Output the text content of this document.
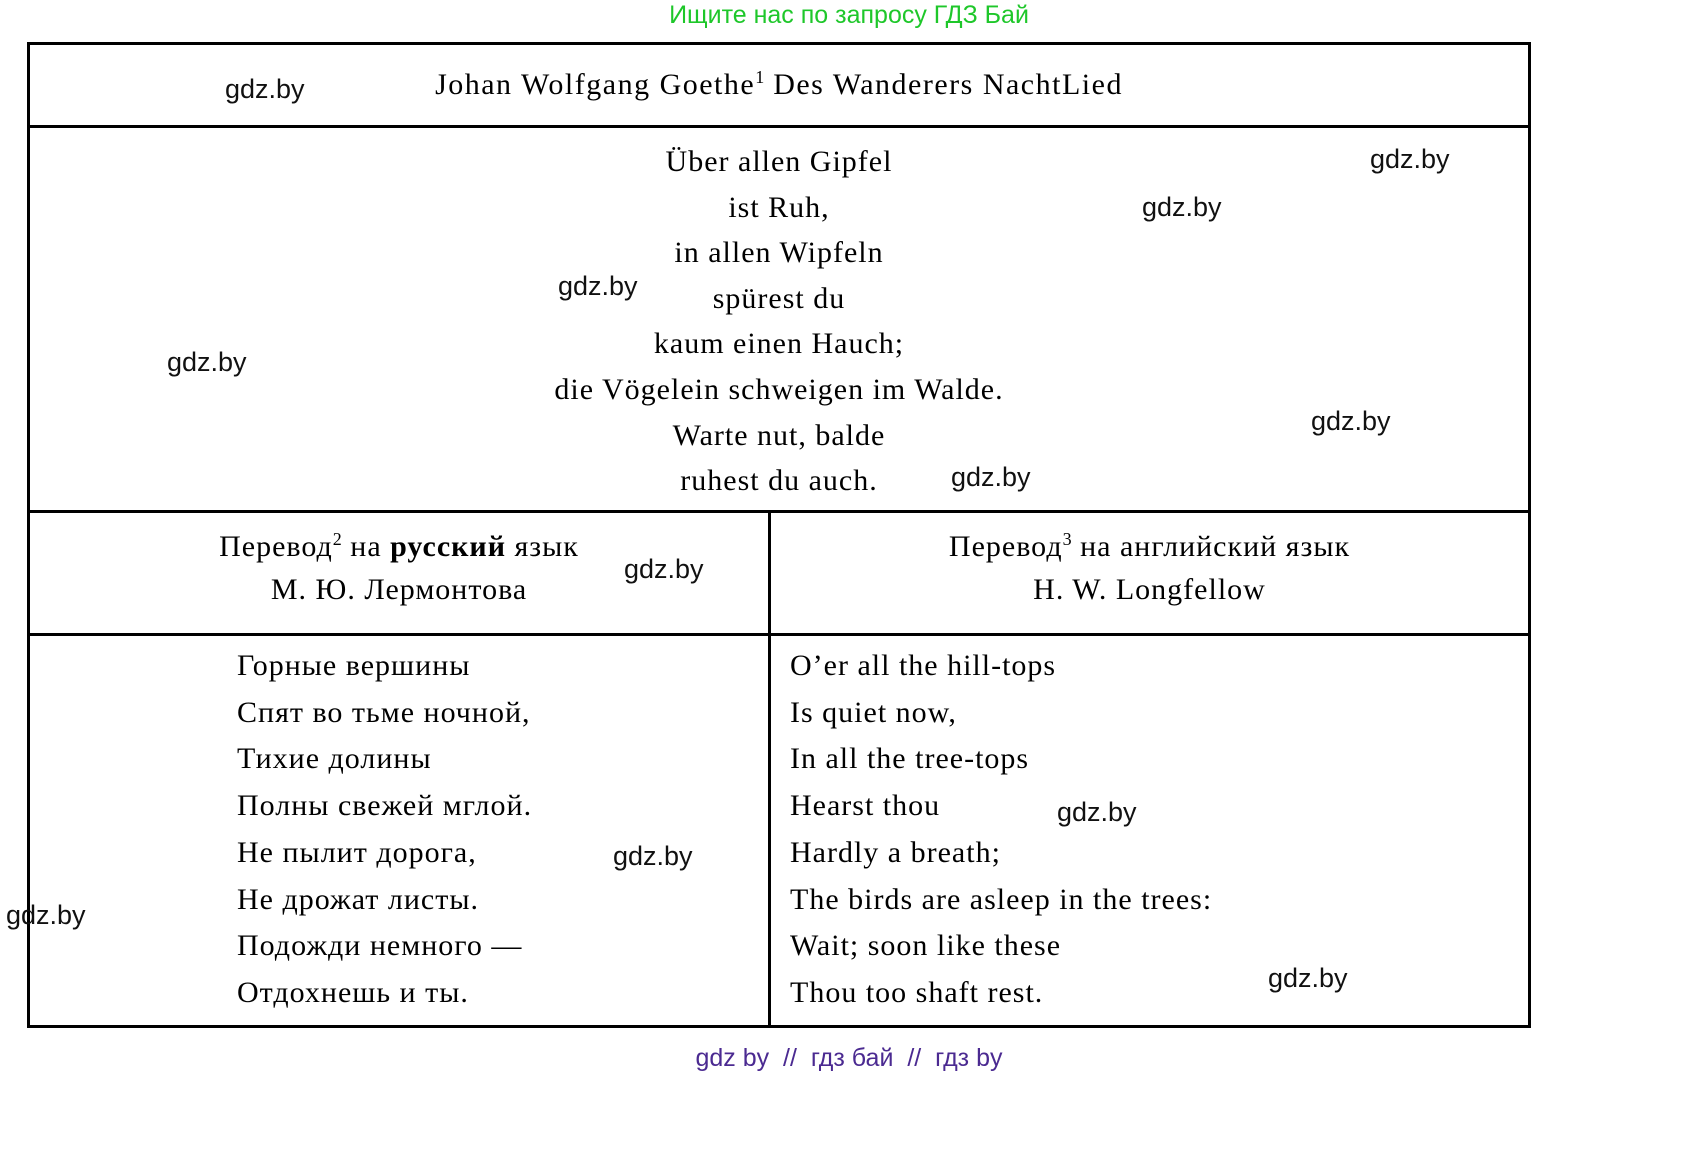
Ищите нас по запросу ГДЗ Бай
Johan Wolfgang Goethe$^1$ Des Wanderers NachtLied
Über allen Gipfel
ist Ruh,
in allen Wipfeln
spürest du
kaum einen Hauch;
die Vögelein schweigen im Walde.
Warte nut, balde
ruhest du auch.
Перевод$^2$ на русский язык
М. Ю. Лермонтова
Перевод$^3$ на английский язык
H. W. Longfellow
Горные вершины
Спят во тьме ночной,
Тихие долины
Полны свежей мглой.
Не пылит дорога,
Не дрожат листы.
Подожди немного —
Отдохнешь и ты.
O’er all the hill-tops
Is quiet now,
In all the tree-tops
Hearst thou
Hardly a breath;
The birds are asleep in the trees:
Wait; soon like these
Thou too shaft rest.
gdz.by
gdz.by
gdz.by
gdz.by
gdz.by
gdz.by
gdz.by
gdz.by
gdz.by
gdz.by
gdz.by
gdz.by
gdz by  //  гдз бай  //  гдз by
